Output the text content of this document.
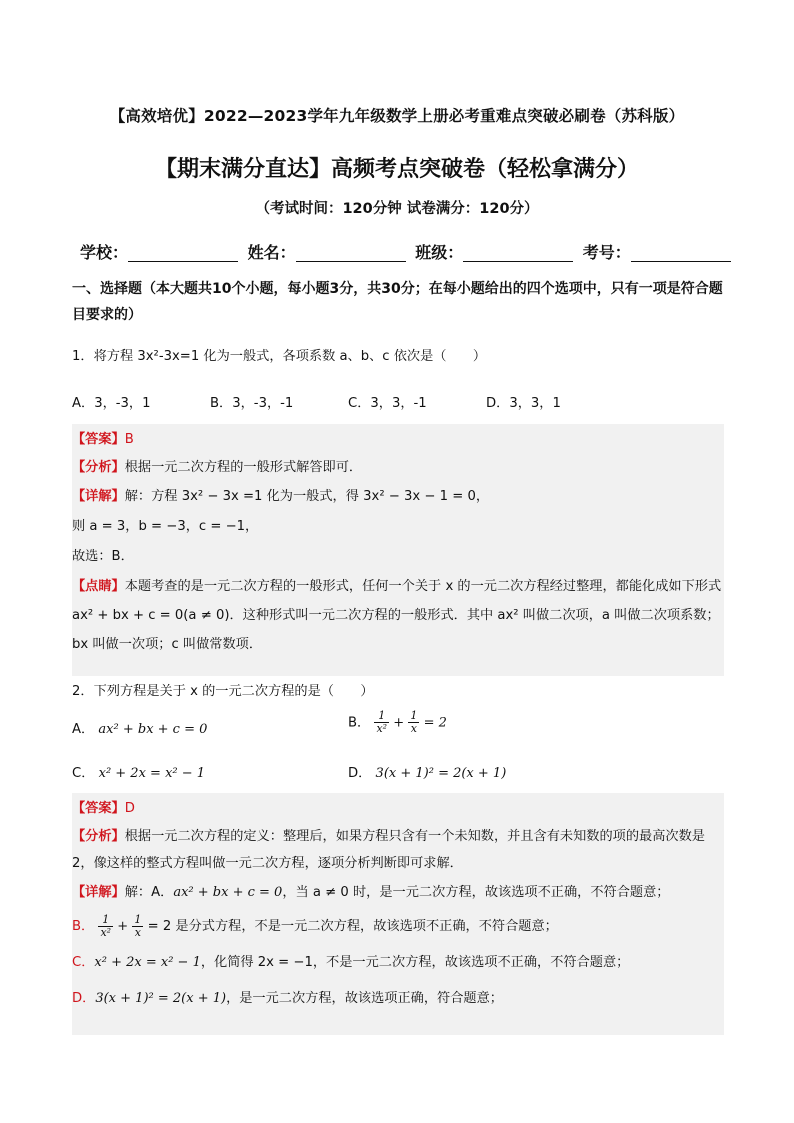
【高效培优】2022—2023学年九年级数学上册必考重难点突破必刷卷（苏科版）
【期末满分直达】高频考点突破卷（轻松拿满分）
（考试时间：120分钟 试卷满分：120分）
学校：	姓名：	班级：	考号：
一、选择题（本大题共10个小题，每小题3分，共30分；在每小题给出的四个选项中，只有一项是符合题目要求的）
1．将方程 3x²-3x=1 化为一般式，各项系数 a、b、c 依次是（　　）
A．3，-3，1	B．3，-3，-1	C．3，3，-1	D．3，3，1
【答案】B
【分析】根据一元二次方程的一般形式解答即可．
【详解】解：方程 3x² − 3x =1 化为一般式，得 3x² − 3x − 1 = 0，
则 a = 3，b = −3，c = −1，
故选：B．
【点睛】本题考查的是一元二次方程的一般形式，任何一个关于 x 的一元二次方程经过整理，都能化成如下形式 ax² + bx + c = 0(a ≠ 0)．这种形式叫一元二次方程的一般形式．其中 ax² 叫做二次项，a 叫做二次项系数；bx 叫做一次项；c 叫做常数项．
2．下列方程是关于 x 的一元二次方程的是（　　）
A． ax² + bx + c = 0	B． $\frac{1}{\text{x²}} + \frac{1}{x} = 2$
C． x² + 2x = x² − 1	D． 3(x + 1)² = 2(x + 1)
【答案】D
【分析】根据一元二次方程的定义：整理后，如果方程只含有一个未知数，并且含有未知数的项的最高次数是2，像这样的整式方程叫做一元二次方程，逐项分析判断即可求解．
【详解】解：A．ax² + bx + c = 0，当 a ≠ 0 时，是一元二次方程，故该选项不正确，不符合题意；
B． $\frac{1}{\text{x²}} + \frac{1}{x} = 2$ 是分式方程，不是一元二次方程，故该选项不正确，不符合题意；
C．x² + 2x = x² − 1，化简得 2x = −1，不是一元二次方程，故该选项不正确，不符合题意；
D．3(x + 1)² = 2(x + 1)，是一元二次方程，故该选项正确，符合题意；
